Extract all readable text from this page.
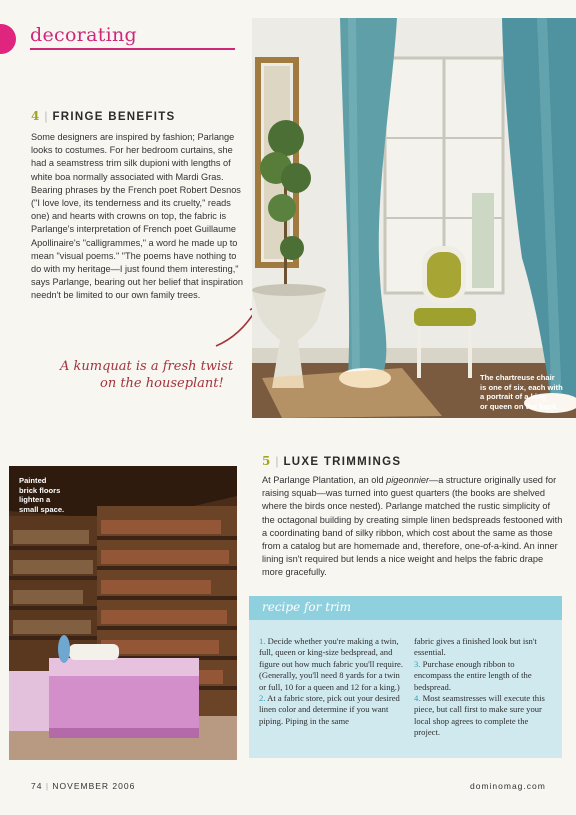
decorating
4 | FRINGE BENEFITS
Some designers are inspired by fashion; Parlange looks to costumes. For her bedroom curtains, she had a seamstress trim silk dupioni with lengths of white boa normally associated with Mardi Gras. Bearing phrases by the French poet Robert Desnos ("I love love, its tenderness and its cruelty," reads one) and hearts with crowns on top, the fabric is Parlange's interpretation of French poet Guillaume Apollinaire's "calligrammes," a word he made up to mean "visual poems." "The poems have nothing to do with my heritage—I just found them interesting," says Parlange, bearing out her belief that inspiration needn't be limited to our own family trees.
A kumquat is a fresh twist
on the houseplant!	The chartreuse chair
is one of six, each with
a portrait of a king
or queen on the back.
5 | LUXE TRIMMINGS
At Parlange Plantation, an old pigeonnier—a structure originally used for raising squab—was turned into guest quarters (the books are shelved where the birds once nested). Parlange matched the rustic simplicity of the octagonal building by creating simple linen bedspreads festooned with a coordinating band of silky ribbon, which cost about the same as those from a catalog but are homemade and, therefore, one-of-a-kind. An inner lining isn't required but lends a nice weight and helps the fabric drape more gracefully.
Painted
brick floors
lighten a
small space.
recipe for trim

1. Decide whether you're making a twin, full, queen or king-size bedspread, and figure out how much fabric you'll require. (Generally, you'll need 8 yards for a twin or full, 10 for a queen and 12 for a king.)

2. At a fabric store, pick out your desired linen color and determine if you want piping. Piping in the same

fabric gives a finished look but isn't essential.

3. Purchase enough ribbon to encompass the entire length of the bedspread.

4. Most seamstresses will execute this piece, but call first to make sure your local shop agrees to complete the project.

74 | NOVEMBER 2006	dominomag.com
